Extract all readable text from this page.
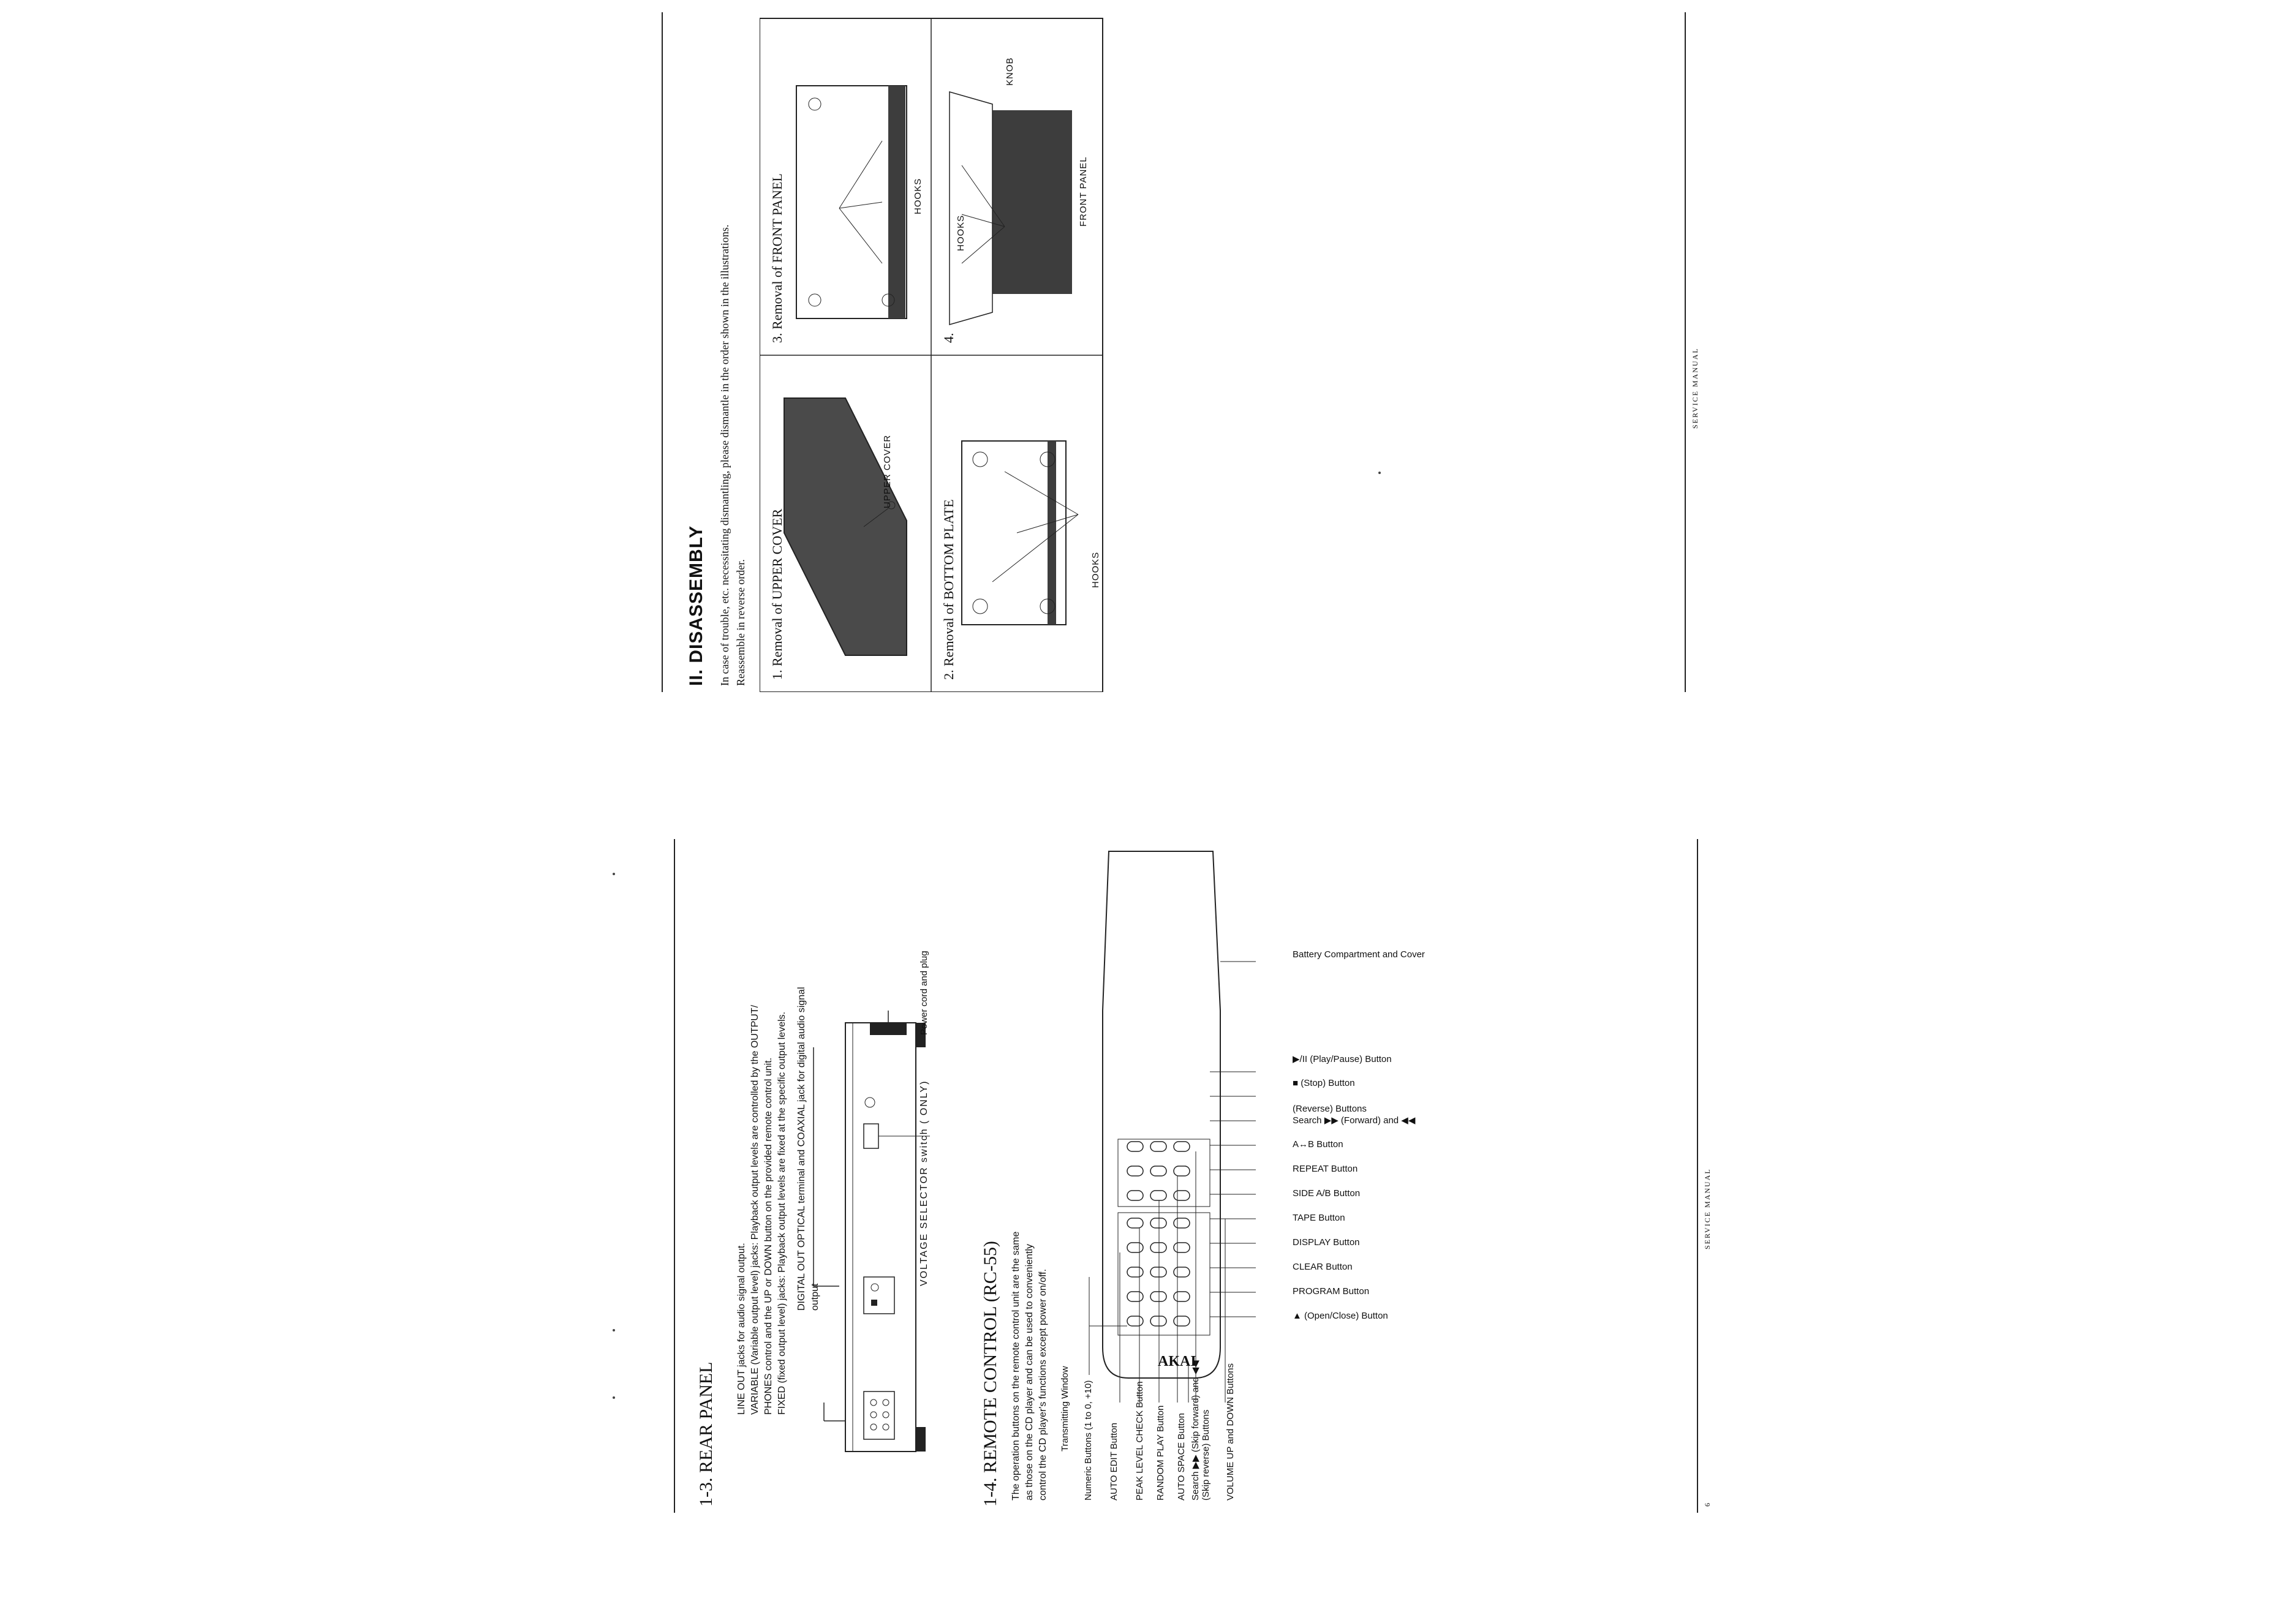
1-3. REAR PANEL
LINE OUT jacks for audio signal output. VARIABLE (Variable output level) jacks: Playback output levels are controlled by the OUTPUT/ PHONES control and the UP or DOWN button on the provided remote control unit. FIXED (fixed output level) jacks: Playback output levels are fixed at the specific output levels. DIGITAL OUT OPTICAL terminal and COAXIAL jack for digital audio signal output
VOLTAGE SELECTOR switch ( ONLY)
Power cord and plug
1-4. REMOTE CONTROL (RC-55) The operation buttons on the remote control unit are the same as those on the CD player and can be used to conveniently control the CD player's functions except power on/off. Transmitting Window Numeric Buttons (1 to 0, +10) AUTO EDIT Button PEAK LEVEL CHECK Button RANDOM PLAY Button AUTO SPACE Button Search ▶▶ (Skip forward) and ◀◀ (Skip reverse) Buttons VOLUME UP and DOWN Buttons
AKAI
▲ (Open/Close) Button
PROGRAM Button
CLEAR Button
DISPLAY Button
TAPE Button
SIDE A/B Button
REPEAT Button
A↔B Button
Search ▶▶ (Forward) and ◀◀
(Reverse) Buttons
■ (Stop) Button
▶/II (Play/Pause) Button
Battery Compartment and Cover
6
SERVICE MANUAL
II. DISASSEMBLY In case of trouble, etc. necessitating dismantling, please dismantle in the order shown in the illustrations. Reassemble in reverse order. 1. Removal of UPPER COVER
UPPER COVER
3. Removal of FRONT PANEL	HOOKS
2. Removal of BOTTOM PLATE	HOOKS
4.
HOOKS
KNOB
FRONT PANEL
SERVICE MANUAL
